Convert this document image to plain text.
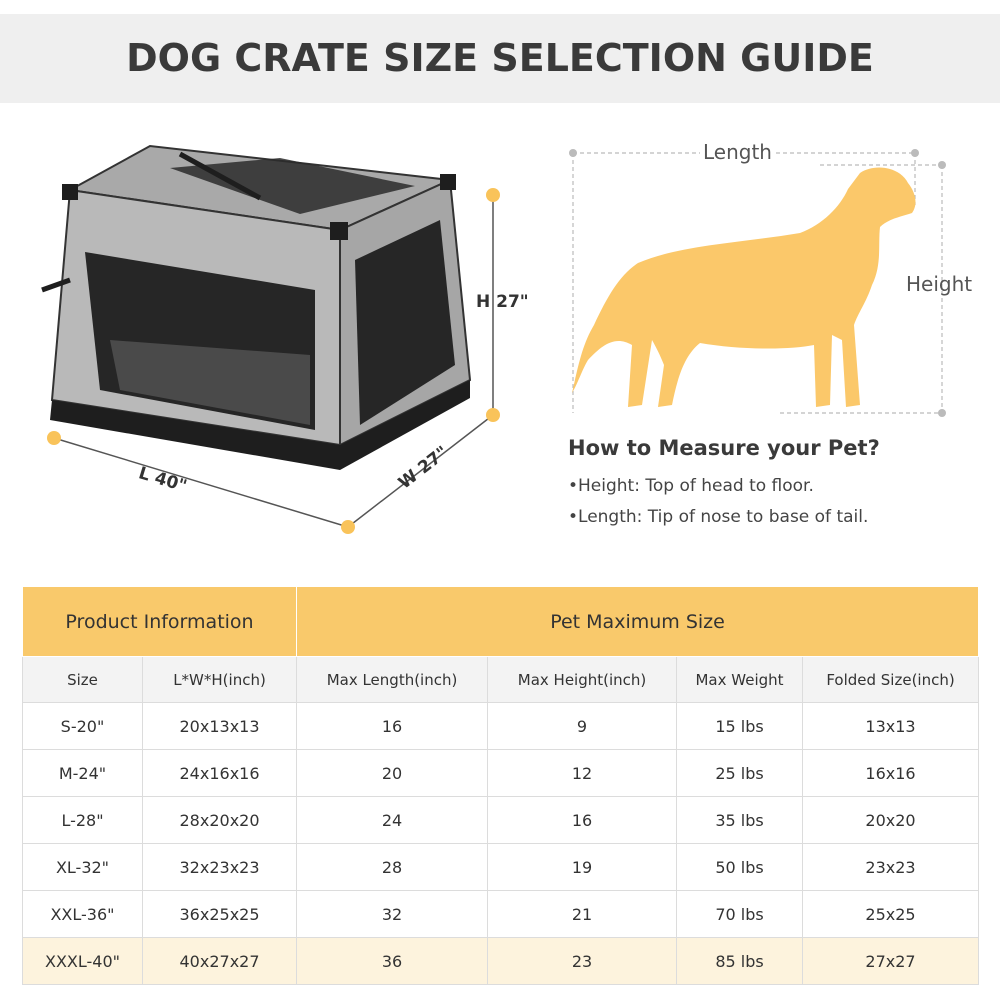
DOG CRATE SIZE SELECTION GUIDE
H 27"
L 40"	W 27"
Length
Height
How to Measure your Pet?
•Height: Top of head to floor.
•Length: Tip of nose to base of tail.
Product Information		Pet Maximum Size			
Size	L*W*H(inch)	Max Length(inch)	Max Height(inch)	Max Weight	Folded Size(inch)
S-20"	20x13x13	16	9	15 lbs	13x13
M-24"	24x16x16	20	12	25 lbs	16x16
L-28"	28x20x20	24	16	35 lbs	20x20
XL-32"	32x23x23	28	19	50 lbs	23x23
XXL-36"	36x25x25	32	21	70 lbs	25x25
XXXL-40"	40x27x27	36	23	85 lbs	27x27
